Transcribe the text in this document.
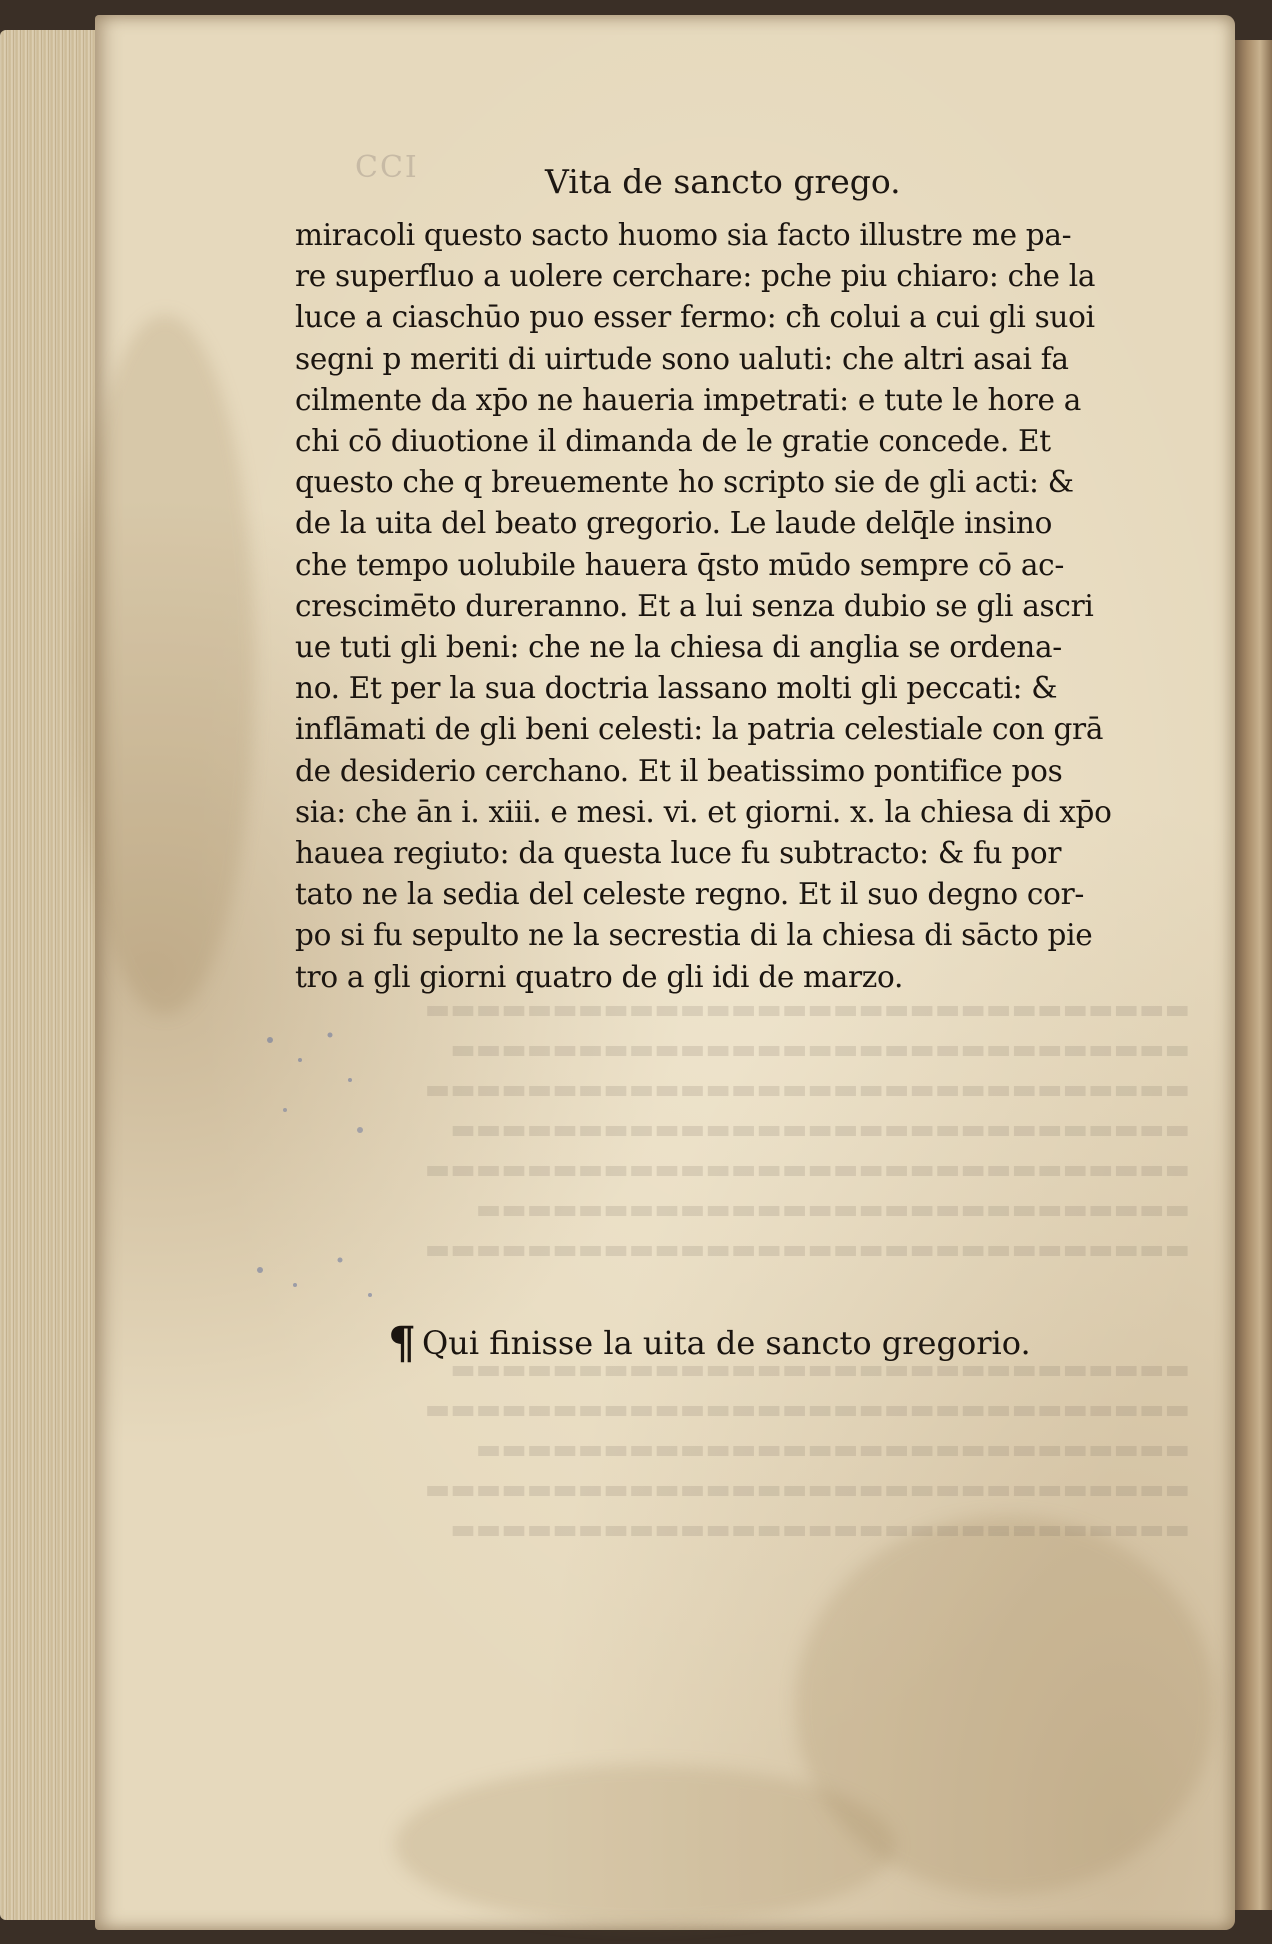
CCI	Vita de sancto grego.
miracoli questo sacto huomo sia facto illustre me pa-
re superfluo a uolere cerchare: pche piu chiaro: che la
luce a ciaschūo puo esser fermo: cħ colui a cui gli suoi
segni p meriti di uirtude sono ualuti: che altri asai fa
cilmente da xp̄o ne haueria impetrati: e tute le hore a
chi cō diuotione il dimanda de le gratie concede. Et
questo che q breuemente ho scripto sie de gli acti: &
de la uita del beato gregorio. Le laude delq̄le insino
che tempo uolubile hauera q̄sto mūdo sempre cō ac-
crescimēto dureranno. Et a lui senza dubio se gli ascri
ue tuti gli beni: che ne la chiesa di anglia se ordena-
no. Et per la sua doctria lassano molti gli peccati: &
inflāmati de gli beni celesti: la patria celestiale con grā
de desiderio cerchano. Et il beatissimo pontifice pos
sia: che ān i. xiii. e mesi. vi. et giorni. x. la chiesa di xp̄o
hauea regiuto: da questa luce fu subtracto: & fu por
tato ne la sedia del celeste regno. Et il suo degno cor-
po si fu sepulto ne la secrestia di la chiesa di sācto pie
tro a gli giorni quatro de gli idi de marzo.
▬▬▬▬▬▬▬▬▬▬▬▬▬▬▬▬▬▬▬▬▬▬▬▬▬▬▬▬▬▬
▬▬▬▬▬▬▬▬▬▬▬▬▬▬▬▬▬▬▬▬▬▬▬▬▬▬▬▬▬
▬▬▬▬▬▬▬▬▬▬▬▬▬▬▬▬▬▬▬▬▬▬▬▬▬▬▬▬▬▬
▬▬▬▬▬▬▬▬▬▬▬▬▬▬▬▬▬▬▬▬▬▬▬▬▬▬▬▬▬
▬▬▬▬▬▬▬▬▬▬▬▬▬▬▬▬▬▬▬▬▬▬▬▬▬▬▬▬▬▬
▬▬▬▬▬▬▬▬▬▬▬▬▬▬▬▬▬▬▬▬▬▬▬▬▬▬▬▬
▬▬▬▬▬▬▬▬▬▬▬▬▬▬▬▬▬▬▬▬▬▬▬▬▬▬▬▬▬▬

▬▬▬▬▬▬▬▬▬▬▬▬▬▬▬▬▬▬▬▬▬▬▬▬▬▬▬▬▬
▬▬▬▬▬▬▬▬▬▬▬▬▬▬▬▬▬▬▬▬▬▬▬▬▬▬▬▬▬▬
▬▬▬▬▬▬▬▬▬▬▬▬▬▬▬▬▬▬▬▬▬▬▬▬▬▬▬▬
▬▬▬▬▬▬▬▬▬▬▬▬▬▬▬▬▬▬▬▬▬▬▬▬▬▬▬▬▬▬
▬▬▬▬▬▬▬▬▬▬▬▬▬▬▬▬▬▬▬▬▬▬▬▬▬▬▬▬▬
¶ Qui finisse la uita de sancto gregorio.
